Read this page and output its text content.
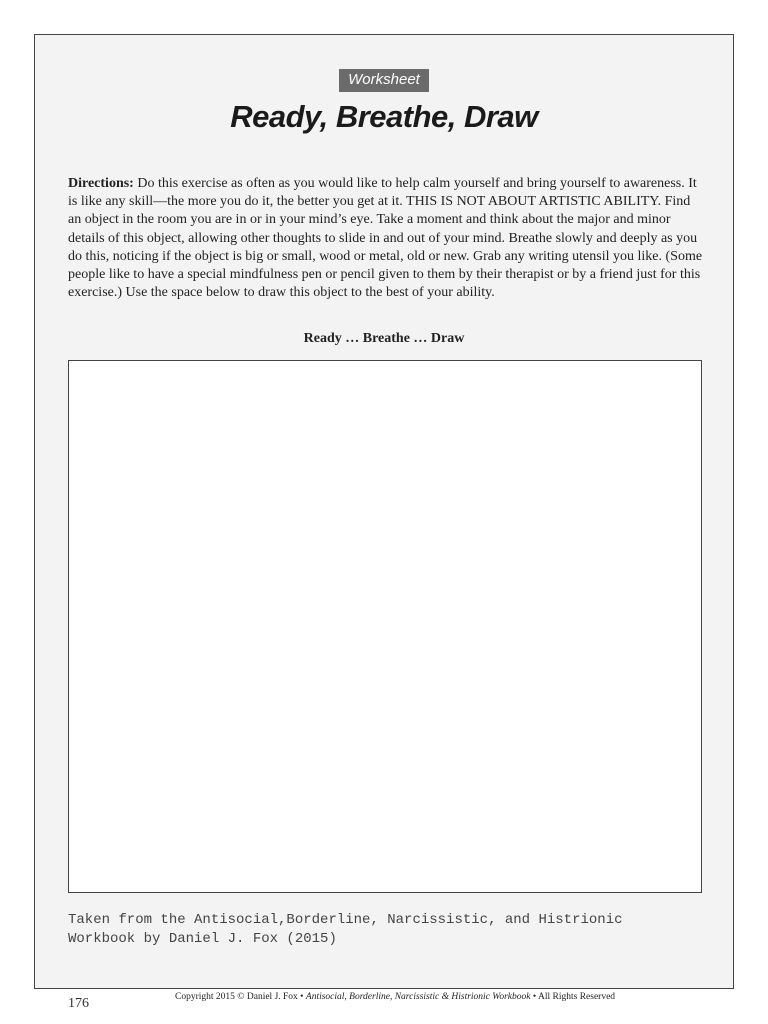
Worksheet
Ready, Breathe, Draw

Directions: Do this exercise as often as you would like to help calm yourself and bring yourself to awareness. It is like any skill—the more you do it, the better you get at it. THIS IS NOT ABOUT ARTISTIC ABILITY. Find an object in the room you are in or in your mind’s eye. Take a moment and think about the major and minor details of this object, allowing other thoughts to slide in and out of your mind. Breathe slowly and deeply as you do this, noticing if the object is big or small, wood or metal, old or new. Grab any writing utensil you like. (Some people like to have a special mindfulness pen or pencil given to them by their therapist or by a friend just for this exercise.) Use the space below to draw this object to the best of your ability.

Ready … Breathe … Draw
Taken from the Antisocial,Borderline, Narcissistic, and Histrionic
Workbook by Daniel J. Fox (2015)
176	Copyright 2015 © Daniel J. Fox • Antisocial, Borderline, Narcissistic & Histrionic Workbook • All Rights Reserved
